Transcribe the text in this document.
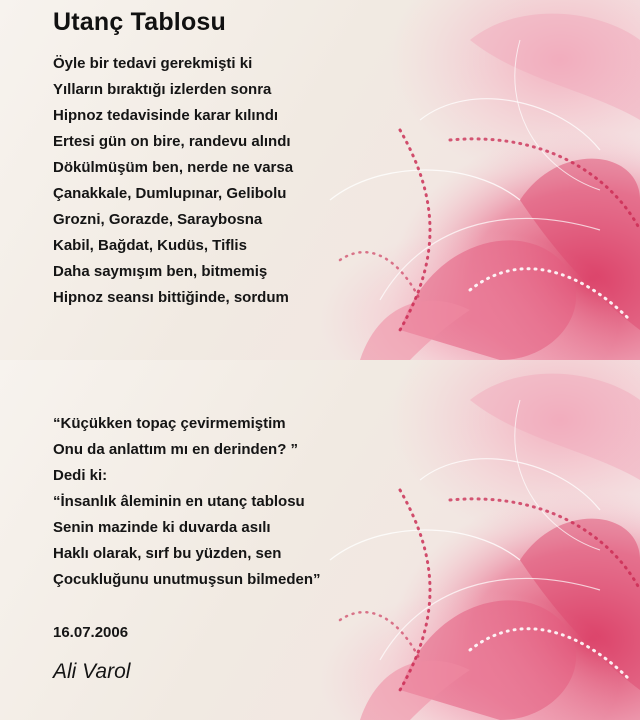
Utanç Tablosu
Öyle bir tedavi gerekmişti ki
Yılların bıraktığı izlerden sonra
Hipnoz tedavisinde karar kılındı
Ertesi gün on bire, randevu alındı
Dökülmüşüm ben, nerde ne varsa
Çanakkale, Dumlupınar, Gelibolu
Grozni, Gorazde, Saraybosna
Kabil, Bağdat, Kudüs, Tiflis
Daha saymışım ben, bitmemiş
Hipnoz seansı bittiğinde, sordum
“Küçükken topaç çevirmemiştim
Onu da anlattım mı en derinden? ”
Dedi ki:
“İnsanlık âleminin en utanç tablosu
Senin mazinde ki duvarda asılı
Haklı olarak, sırf bu yüzden, sen
Çocukluğunu unutmuşsun bilmeden”
16.07.2006
Ali Varol
